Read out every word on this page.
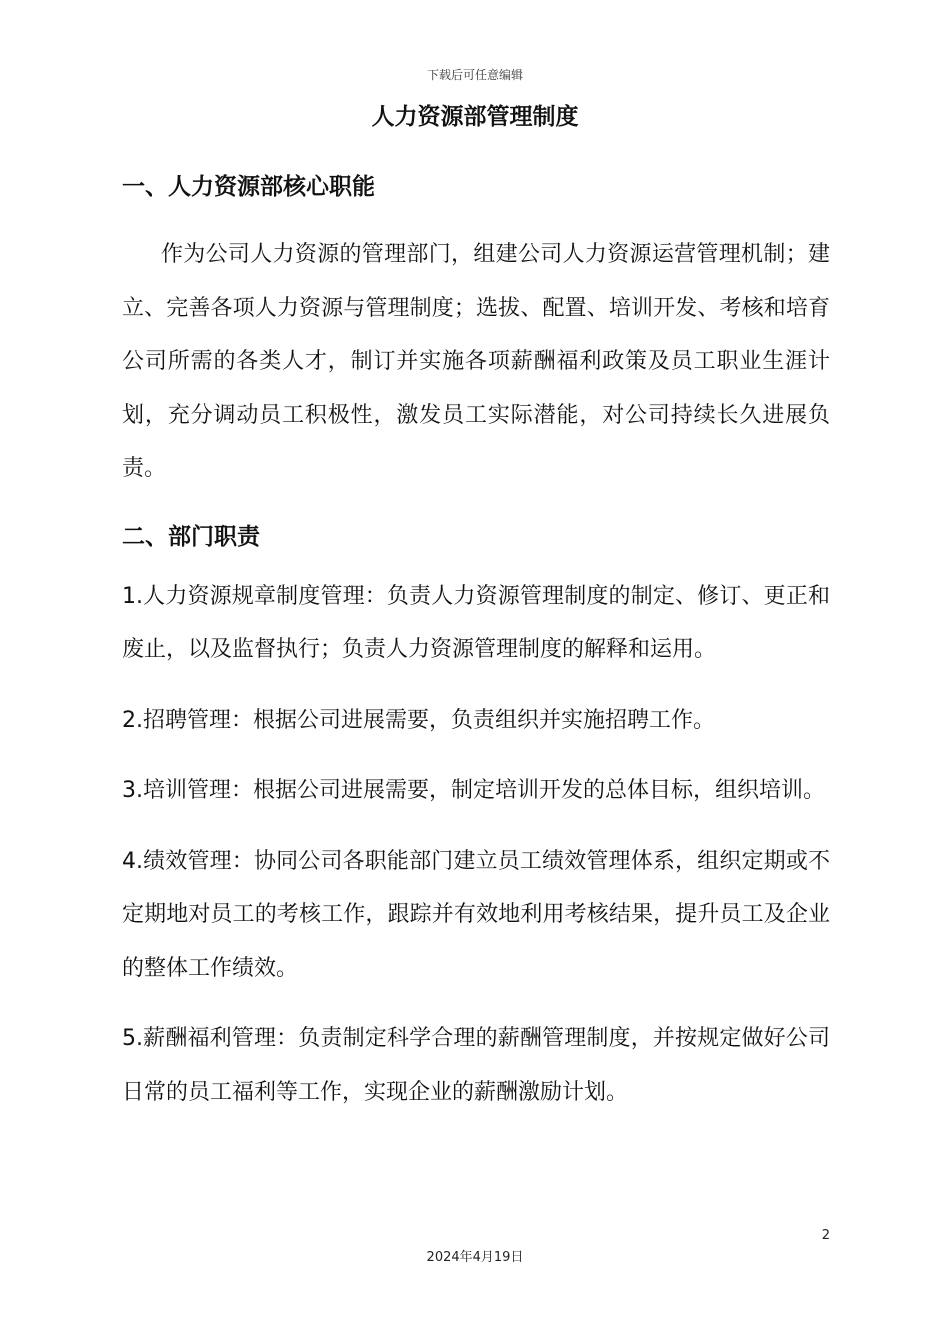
下载后可任意编辑
人力资源部管理制度
一、人力资源部核心职能

作为公司人力资源的管理部门，组建公司人力资源运营管理机制；建立、完善各项人力资源与管理制度；选拔、配置、培训开发、考核和培育公司所需的各类人才，制订并实施各项薪酬福利政策及员工职业生涯计划，充分调动员工积极性，激发员工实际潜能，对公司持续长久进展负责。

二、部门职责

1.人力资源规章制度管理：负责人力资源管理制度的制定、修订、更正和废止，以及监督执行；负责人力资源管理制度的解释和运用。

2.招聘管理：根据公司进展需要，负责组织并实施招聘工作。

3.培训管理：根据公司进展需要，制定培训开发的总体目标，组织培训。

4.绩效管理：协同公司各职能部门建立员工绩效管理体系，组织定期或不定期地对员工的考核工作，跟踪并有效地利用考核结果，提升员工及企业的整体工作绩效。

5.薪酬福利管理：负责制定科学合理的薪酬管理制度，并按规定做好公司日常的员工福利等工作，实现企业的薪酬激励计划。

2
2024年4月19日
